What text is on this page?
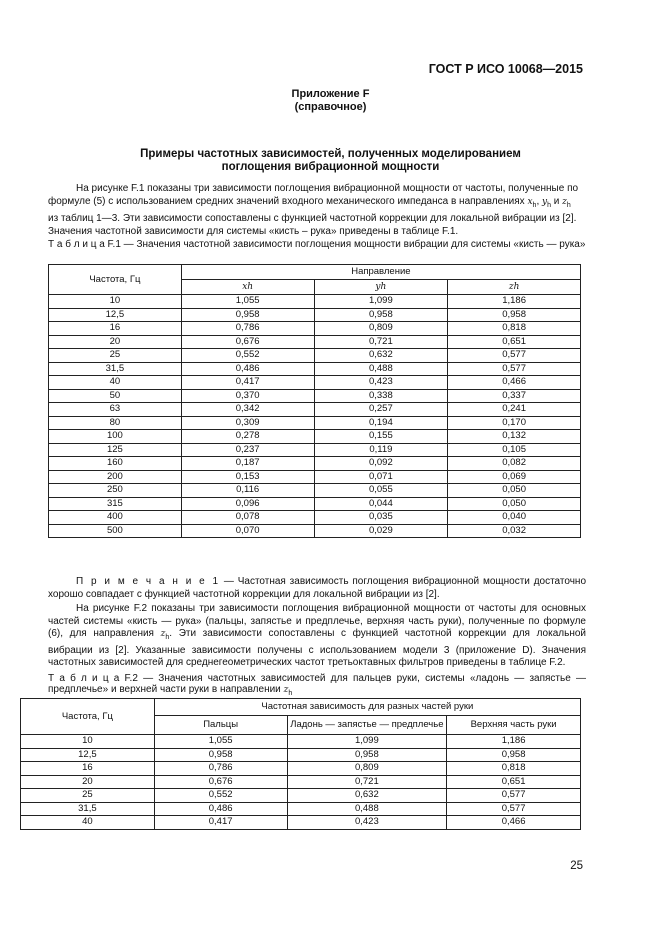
ГОСТ Р ИСО 10068—2015
Приложение F
(справочное)
Примеры частотных зависимостей, полученных моделированием
поглощения вибрационной мощности
На рисунке F.1 показаны три зависимости поглощения вибрационной мощности от частоты, полученные по
формуле (5) с использованием средних значений входного механического импеданса в направлениях $x_h$, $y_h$ и $z_h$
из таблиц 1—3. Эти зависимости сопоставлены с функцией частотной коррекции для локальной вибрации из [2].
Значения частотной зависимости для системы «кисть – рука» приведены в таблице F.1.

Т а б л и ц а F.1 — Значения частотной зависимости поглощения мощности вибрации для системы «кисть — рука»

Частота, Гц	Направление		
	xh	yh	zh
10	1,055	1,099	1,186
12,5	0,958	0,958	0,958
16	0,786	0,809	0,818
20	0,676	0,721	0,651
25	0,552	0,632	0,577
31,5	0,486	0,488	0,577
40	0,417	0,423	0,466
50	0,370	0,338	0,337
63	0,342	0,257	0,241
80	0,309	0,194	0,170
100	0,278	0,155	0,132
125	0,237	0,119	0,105
160	0,187	0,092	0,082
200	0,153	0,071	0,069
250	0,116	0,055	0,050
315	0,096	0,044	0,050
400	0,078	0,035	0,040
500	0,070	0,029	0,032

П р и м е ч а н и е 1 — Частотная зависимость поглощения вибрационной мощности достаточно хорошо совпадает с функцией частотной коррекции для локальной вибрации из [2].

На рисунке F.2 показаны три зависимости поглощения вибрационной мощности от частоты для основных частей системы «кисть — рука» (пальцы, запястье и предплечье, верхняя часть руки), полученные по формуле (6), для направления $z_h$. Эти зависимости сопоставлены с функцией частотной коррекции для локальной вибрации из [2]. Указанные зависимости получены с использованием модели 3 (приложение D). Значения частотных зависимостей для среднегеометрических частот третьоктавных фильтров приведены в таблице F.2.

Т а б л и ц а F.2 — Значения частотных зависимостей для пальцев руки, системы «ладонь — запястье — предплечье» и верхней части руки в направлении $z_h$

Частота, Гц	Частотная зависимость для разных частей руки		
	Пальцы	Ладонь — запястье — предплечье	Верхняя часть руки
10	1,055	1,099	1,186
12,5	0,958	0,958	0,958
16	0,786	0,809	0,818
20	0,676	0,721	0,651
25	0,552	0,632	0,577
31,5	0,486	0,488	0,577
40	0,417	0,423	0,466
25
